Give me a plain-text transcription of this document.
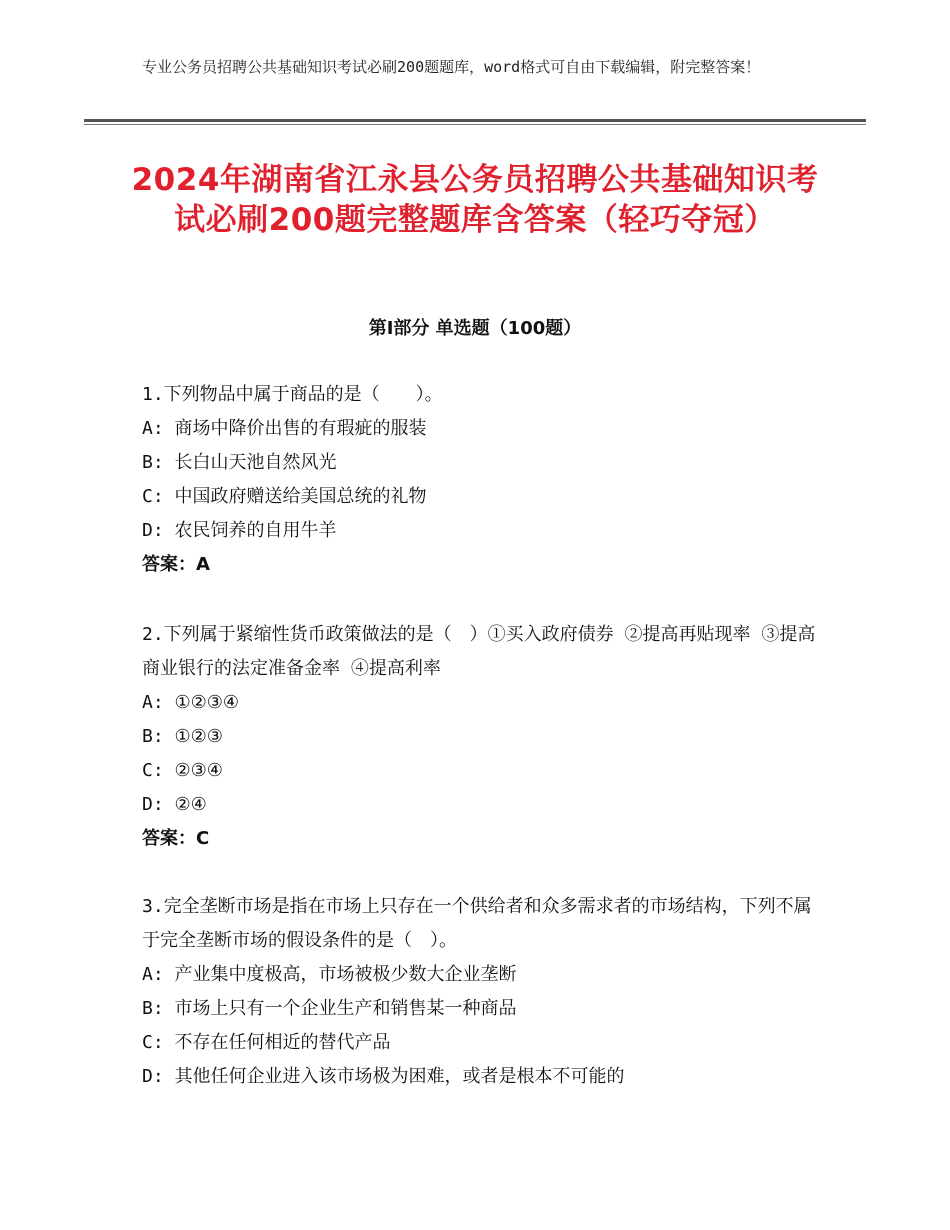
专业公务员招聘公共基础知识考试必刷200题题库，word格式可自由下载编辑，附完整答案！
2024年湖南省江永县公务员招聘公共基础知识考试必刷200题完整题库含答案（轻巧夺冠）
第Ⅰ部分 单选题（100题）
1.下列物品中属于商品的是（　　）。
A: 商场中降价出售的有瑕疵的服装
B: 长白山天池自然风光
C: 中国政府赠送给美国总统的礼物
D: 农民饲养的自用牛羊
答案：A
2.下列属于紧缩性货币政策做法的是（　）①买入政府债券 ②提高再贴现率 ③提高商业银行的法定准备金率 ④提高利率
A: ①②③④
B: ①②③
C: ②③④
D: ②④
答案：C
3.完全垄断市场是指在市场上只存在一个供给者和众多需求者的市场结构，下列不属于完全垄断市场的假设条件的是（　）。
A: 产业集中度极高，市场被极少数大企业垄断
B: 市场上只有一个企业生产和销售某一种商品
C: 不存在任何相近的替代产品
D: 其他任何企业进入该市场极为困难，或者是根本不可能的
